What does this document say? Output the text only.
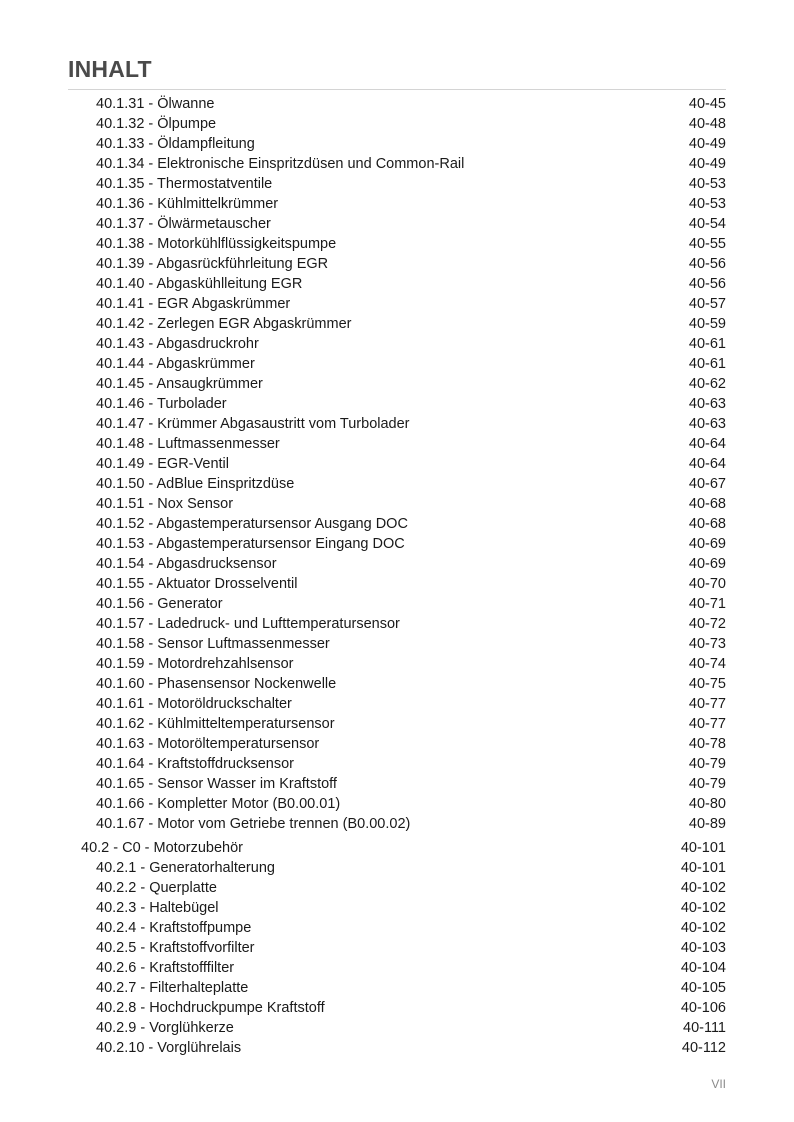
INHALT
40.1.31 - Ölwanne	40-45
40.1.32 - Ölpumpe	40-48
40.1.33 - Öldampfleitung	40-49
40.1.34 - Elektronische Einspritzdüsen und Common-Rail	40-49
40.1.35 - Thermostatventile	40-53
40.1.36 - Kühlmittelkrümmer	40-53
40.1.37 - Ölwärmetauscher	40-54
40.1.38 - Motorkühlflüssigkeitspumpe	40-55
40.1.39 - Abgasrückführleitung EGR	40-56
40.1.40 - Abgaskühlleitung EGR	40-56
40.1.41 - EGR Abgaskrümmer	40-57
40.1.42 - Zerlegen EGR Abgaskrümmer	40-59
40.1.43 - Abgasdruckrohr	40-61
40.1.44 - Abgaskrümmer	40-61
40.1.45 - Ansaugkrümmer	40-62
40.1.46 - Turbolader	40-63
40.1.47 - Krümmer Abgasaustritt vom Turbolader	40-63
40.1.48 - Luftmassenmesser	40-64
40.1.49 - EGR-Ventil	40-64
40.1.50 - AdBlue Einspritzdüse	40-67
40.1.51 - Nox Sensor	40-68
40.1.52 - Abgastemperatursensor Ausgang DOC	40-68
40.1.53 - Abgastemperatursensor Eingang DOC	40-69
40.1.54 - Abgasdrucksensor	40-69
40.1.55 - Aktuator Drosselventil	40-70
40.1.56 - Generator	40-71
40.1.57 - Ladedruck- und Lufttemperatursensor	40-72
40.1.58 - Sensor Luftmassenmesser	40-73
40.1.59 - Motordrehzahlsensor	40-74
40.1.60 - Phasensensor Nockenwelle	40-75
40.1.61 - Motoröldruckschalter	40-77
40.1.62 - Kühlmitteltemperatursensor	40-77
40.1.63 - Motoröltemperatursensor	40-78
40.1.64 - Kraftstoffdrucksensor	40-79
40.1.65 - Sensor Wasser im Kraftstoff	40-79
40.1.66 - Kompletter Motor (B0.00.01)	40-80
40.1.67 - Motor vom Getriebe trennen (B0.00.02)	40-89
40.2 - C0 - Motorzubehör	40-101
40.2.1 - Generatorhalterung	40-101
40.2.2 - Querplatte	40-102
40.2.3 - Haltebügel	40-102
40.2.4 - Kraftstoffpumpe	40-102
40.2.5 - Kraftstoffvorfilter	40-103
40.2.6 - Kraftstofffilter	40-104
40.2.7 - Filterhalteplatte	40-105
40.2.8 - Hochdruckpumpe Kraftstoff	40-106
40.2.9 - Vorglühkerze	40-111
40.2.10 - Vorglührelais	40-112
VII
